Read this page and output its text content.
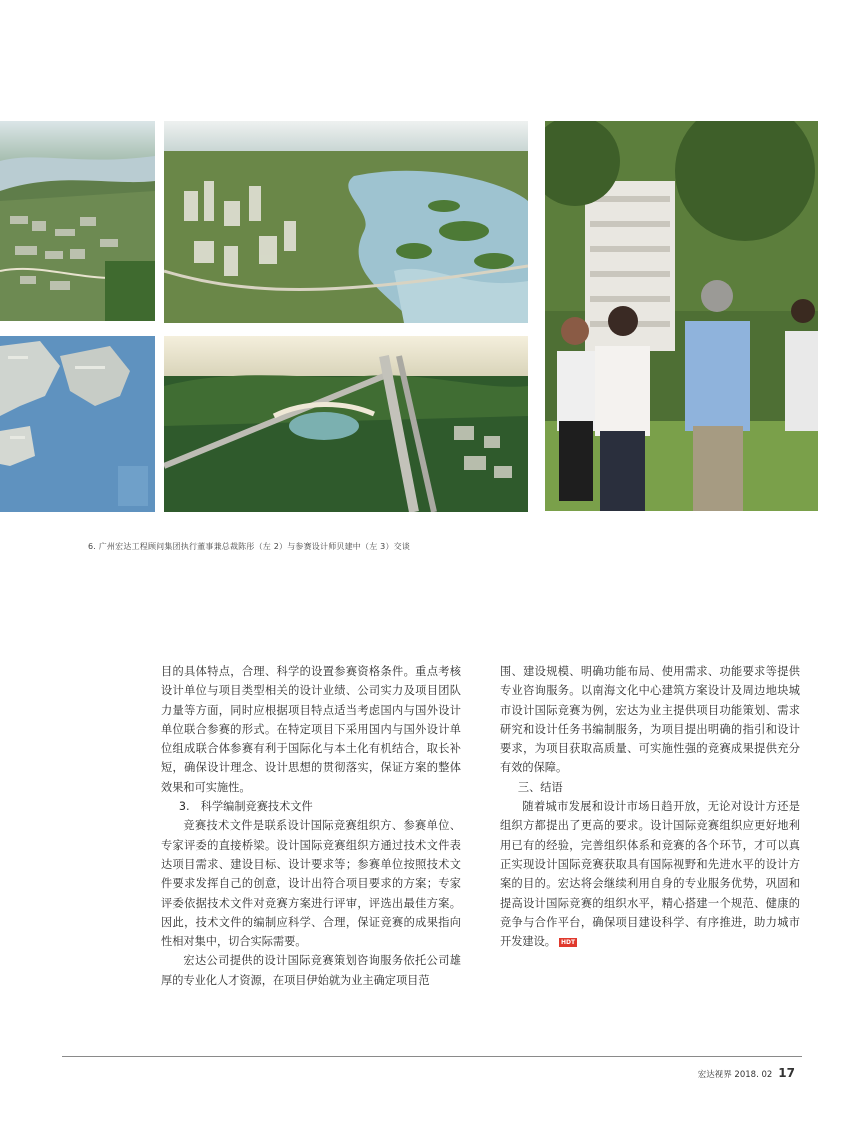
6. 广州宏达工程顾问集团执行董事兼总裁陈彤（左 2）与参赛设计师贝建中（左 3）交谈

目的具体特点，合理、科学的设置参赛资格条件。重点考核设计单位与项目类型相关的设计业绩、公司实力及项目团队力量等方面，同时应根据项目特点适当考虑国内与国外设计单位联合参赛的形式。在特定项目下采用国内与国外设计单位组成联合体参赛有利于国际化与本土化有机结合，取长补短，确保设计理念、设计思想的贯彻落实，保证方案的整体效果和可实施性。

3.　科学编制竞赛技术文件

竞赛技术文件是联系设计国际竞赛组织方、参赛单位、专家评委的直接桥梁。设计国际竞赛组织方通过技术文件表达项目需求、建设目标、设计要求等；参赛单位按照技术文件要求发挥自己的创意，设计出符合项目要求的方案；专家评委依据技术文件对竞赛方案进行评审，评选出最佳方案。因此，技术文件的编制应科学、合理，保证竞赛的成果指向性相对集中，切合实际需要。

宏达公司提供的设计国际竞赛策划咨询服务依托公司雄厚的专业化人才资源，在项目伊始就为业主确定项目范

围、建设规模、明确功能布局、使用需求、功能要求等提供专业咨询服务。以南海文化中心建筑方案设计及周边地块城市设计国际竞赛为例，宏达为业主提供项目功能策划、需求研究和设计任务书编制服务，为项目提出明确的指引和设计要求，为项目获取高质量、可实施性强的竞赛成果提供充分有效的保障。

三、结语

随着城市发展和设计市场日趋开放，无论对设计方还是组织方都提出了更高的要求。设计国际竞赛组织应更好地利用已有的经验，完善组织体系和竞赛的各个环节，才可以真正实现设计国际竞赛获取具有国际视野和先进水平的设计方案的目的。宏达将会继续利用自身的专业服务优势，巩固和提高设计国际竞赛的组织水平，精心搭建一个规范、健康的竞争与合作平台，确保项目建设科学、有序推进，助力城市开发建设。 HDT

宏达视界 2018. 02 17
